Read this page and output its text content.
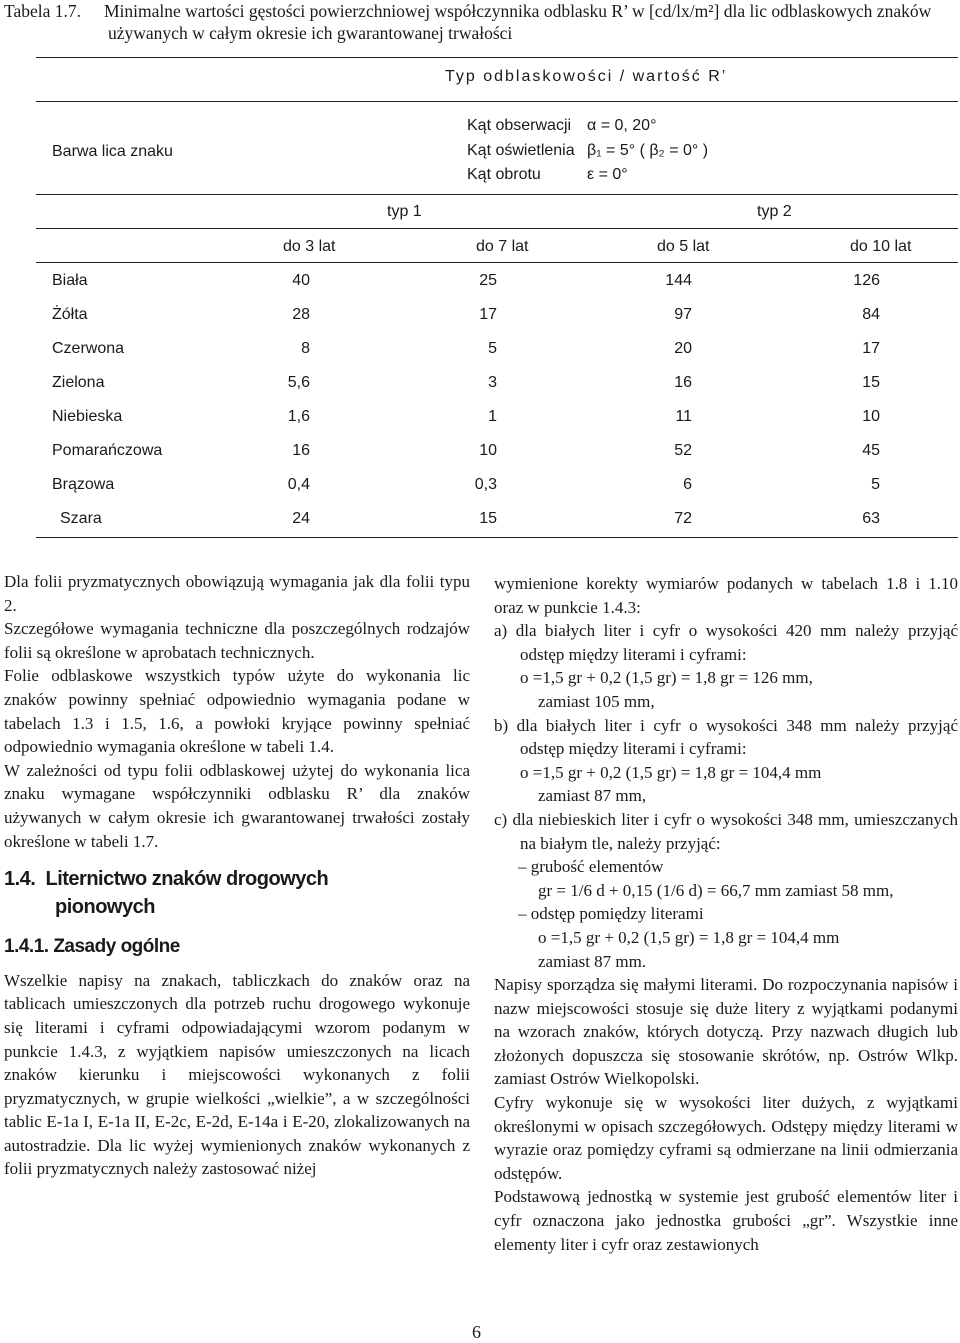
Tabela 1.7. Minimalne wartości gęstości powierzchniowej współczynnika odblasku R’ w [cd/lx/m²] dla lic odblaskowych znaków
używanych w całym okresie ich gwarantowanej trwałości
Typ odblaskowości / wartość R’
Barwa lica znaku
Kąt obserwacji α = 0, 20°
Kąt oświetlenia β₁ = 5° ( β₂ = 0° )
Kąt obrotu	ε = 0°
typ 1	typ 2
do 3 lat	do 7 lat	do 5 lat	do 10 lat
Biała	40	25	144	126
Żółta	28	17	97	84
Czerwona	8	5	20	17
Zielona	5,6	3	16	15
Niebieska	1,6	1	11	10
Pomarańczowa	16	10	52	45
Brązowa	0,4	0,3	6	5
Szara	24	15	72	63

Dla folii pryzmatycznych obowiązują wymagania jak dla folii typu 2.

Szczegółowe wymagania techniczne dla poszczególnych rodzajów folii są określone w aprobatach technicznych.

Folie odblaskowe wszystkich typów użyte do wykonania lic znaków powinny spełniać odpowiednio wymagania podane w tabelach 1.3 i 1.5, 1.6, a powłoki kryjące powinny spełniać odpowiednio wymagania określone w tabeli 1.4.

W zależności od typu folii odblaskowej użytej do wykonania lica znaku wymagane współczynniki odblasku R’ dla znaków używanych w całym okresie ich gwarantowanej trwałości zostały określone w tabeli 1.7.

1.4. Liternictwo znaków drogowych
pionowych
1.4.1. Zasady ogólne

Wszelkie napisy na znakach, tabliczkach do znaków oraz na tablicach umieszczonych dla potrzeb ruchu drogowego wykonuje się literami i cyframi odpowiadającymi wzorom podanym w punkcie 1.4.3, z wyjątkiem napisów umieszczonych na licach znaków kierunku i miejscowości wykonanych z folii pryzmatycznych, w grupie wielkości „wielkie”, a w szczególności tablic E-1a I, E-1a II, E-2c, E-2d, E-14a i E-20, zlokalizowanych na autostradzie. Dla lic wyżej wymienionych znaków wykonanych z folii pryzmatycznych należy zastosować niżej

wymienione korekty wymiarów podanych w tabelach 1.8 i 1.10 oraz w punkcie 1.4.3:

a) dla białych liter i cyfr o wysokości 420 mm należy przyjąć odstęp między literami i cyframi:

o =1,5 gr + 0,2 (1,5 gr) = 1,8 gr = 126 mm,

zamiast 105 mm,

b) dla białych liter i cyfr o wysokości 348 mm należy przyjąć odstęp między literami i cyframi:

o =1,5 gr + 0,2 (1,5 gr) = 1,8 gr = 104,4 mm

zamiast 87 mm,

c) dla niebieskich liter i cyfr o wysokości 348 mm, umieszczanych na białym tle, należy przyjąć:

– grubość elementów

gr = 1/6 d + 0,15 (1/6 d) = 66,7 mm zamiast 58 mm,

– odstęp pomiędzy literami

o =1,5 gr + 0,2 (1,5 gr) = 1,8 gr = 104,4 mm

zamiast 87 mm.

Napisy sporządza się małymi literami. Do rozpoczynania napisów i nazw miejscowości stosuje się duże litery z wyjątkami podanymi na wzorach znaków, których dotyczą. Przy nazwach długich lub złożonych dopuszcza się stosowanie skrótów, np. Ostrów Wlkp. zamiast Ostrów Wielkopolski.

Cyfry wykonuje się w wysokości liter dużych, z wyjątkami określonymi w opisach szczegółowych. Odstępy między literami w wyrazie oraz pomiędzy cyframi są odmierzane na linii odmierzania odstępów.

Podstawową jednostką w systemie jest grubość elementów liter i cyfr oznaczona jako jednostka grubości „gr”. Wszystkie inne elementy liter i cyfr oraz zestawionych

6
